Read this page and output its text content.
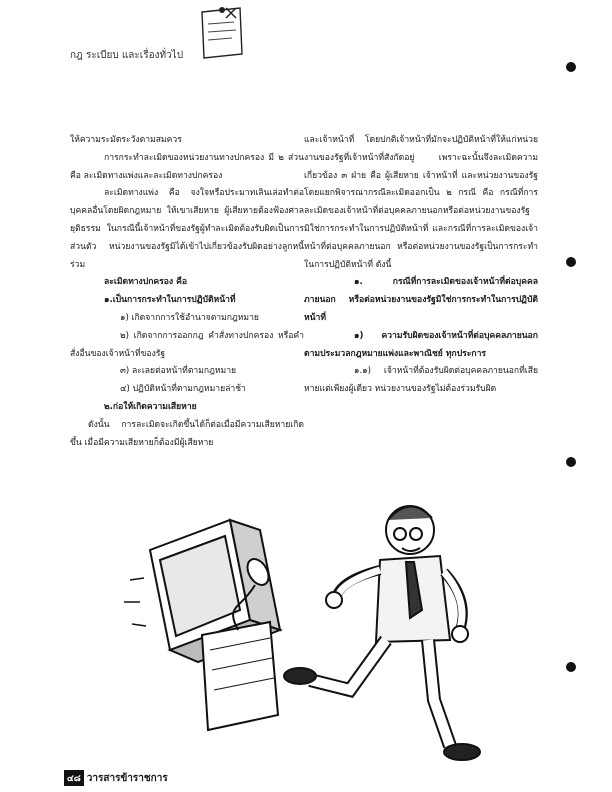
กฎ ระเบียบ และเรื่องทั่วไป

ให้ความระมัดระวังตามสมควร

การกระทำละเมิดของหน่วยงานทางปกครอง มี ๒ ส่วน คือ ละเมิดทางแพ่งและละเมิดทางปกครอง

ละเมิดทางแพ่ง คือ จงใจหรือประมาทเลินเล่อทำต่อบุคคลอื่นโดยผิดกฎหมาย ให้เขาเสียหาย ผู้เสียหายต้องฟ้องศาลยุติธรรม ในกรณีนี้เจ้าหน้าที่ของรัฐผู้ทำละเมิดต้องรับผิดเป็นการส่วนตัว หน่วยงานของรัฐมิได้เข้าไปเกี่ยวข้องรับผิดอย่างลูกหนี้ร่วม

ละเมิดทางปกครอง คือ

๑.เป็นการกระทำในการปฏิบัติหน้าที่

๑) เกิดจากการใช้อำนาจตามกฎหมาย

๒) เกิดจากการออกกฎ คำสั่งทางปกครอง หรือคำสั่งอื่นของเจ้าหน้าที่ของรัฐ

๓) ละเลยต่อหน้าที่ตามกฎหมาย

๔) ปฏิบัติหน้าที่ตามกฎหมายล่าช้า

๒.ก่อให้เกิดความเสียหาย

ดังนั้น การละเมิดจะเกิดขึ้นได้ก็ต่อเมื่อมีความเสียหายเกิดขึ้น เมื่อมีความเสียหายก็ต้องมีผู้เสียหาย

และเจ้าหน้าที่ โดยปกติเจ้าหน้าที่มักจะปฏิบัติหน้าที่ให้แก่หน่วยงานของรัฐที่เจ้าหน้าที่สังกัดอยู่ เพราะฉะนั้นจึงละเมิดความเกี่ยวข้อง ๓ ฝ่าย คือ ผู้เสียหาย เจ้าหน้าที่ และหน่วยงานของรัฐ โดยแยกพิจารณากรณีละเมิดออกเป็น ๒ กรณี คือ กรณีที่การละเมิดของเจ้าหน้าที่ต่อบุคคลภายนอกหรือต่อหน่วยงานของรัฐมิใช่การกระทำในการปฏิบัติหน้าที่ และกรณีที่การละเมิดของเจ้าหน้าที่ต่อบุคคลภายนอก หรือต่อหน่วยงานของรัฐเป็นการกระทำในการปฏิบัติหน้าที่ ดังนี้

๑. กรณีที่การละเมิดของเจ้าหน้าที่ต่อบุคคลภายนอก หรือต่อหน่วยงานของรัฐมิใช่การกระทำในการปฏิบัติหน้าที่

๑) ความรับผิดของเจ้าหน้าที่ต่อบุคคลภายนอกตามประมวลกฎหมายแพ่งและพาณิชย์ ทุกประการ

๑.๑) เจ้าหน้าที่ต้องรับผิดต่อบุคคลภายนอกที่เสียหายแต่เพียงผู้เดียว หน่วยงานของรัฐไม่ต้องร่วมรับผิด

๔๘ วารสารข้าราชการ
